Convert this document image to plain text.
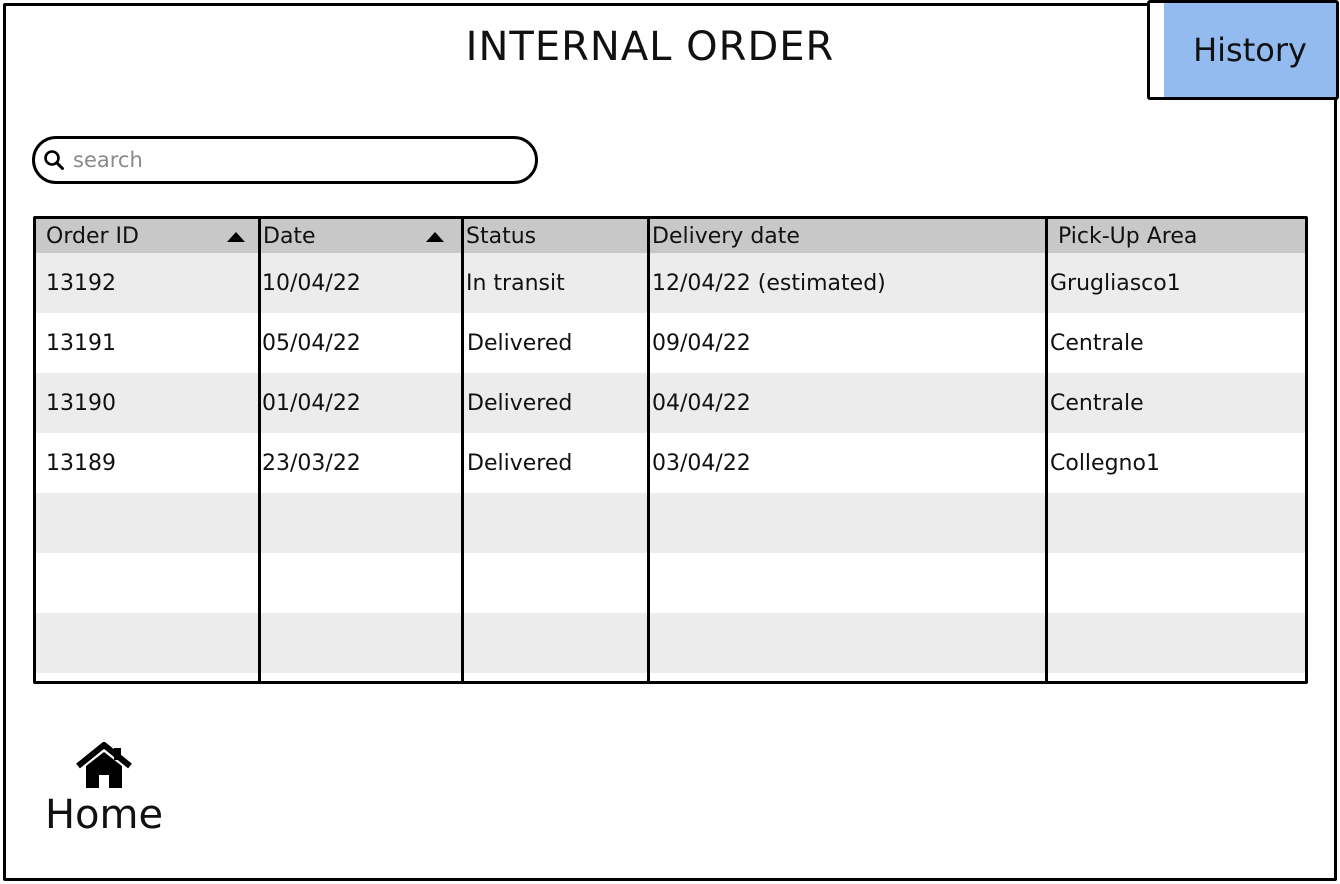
INTERNAL ORDER	History
search
Order ID	Date	Status	Delivery date	Pick-Up Area
13192	10/04/22	In transit	12/04/22 (estimated)	Grugliasco1
13191	05/04/22	Delivered	09/04/22	Centrale
13190	01/04/22	Delivered	04/04/22	Centrale
13189	23/03/22	Delivered	03/04/22	Collegno1
Home
